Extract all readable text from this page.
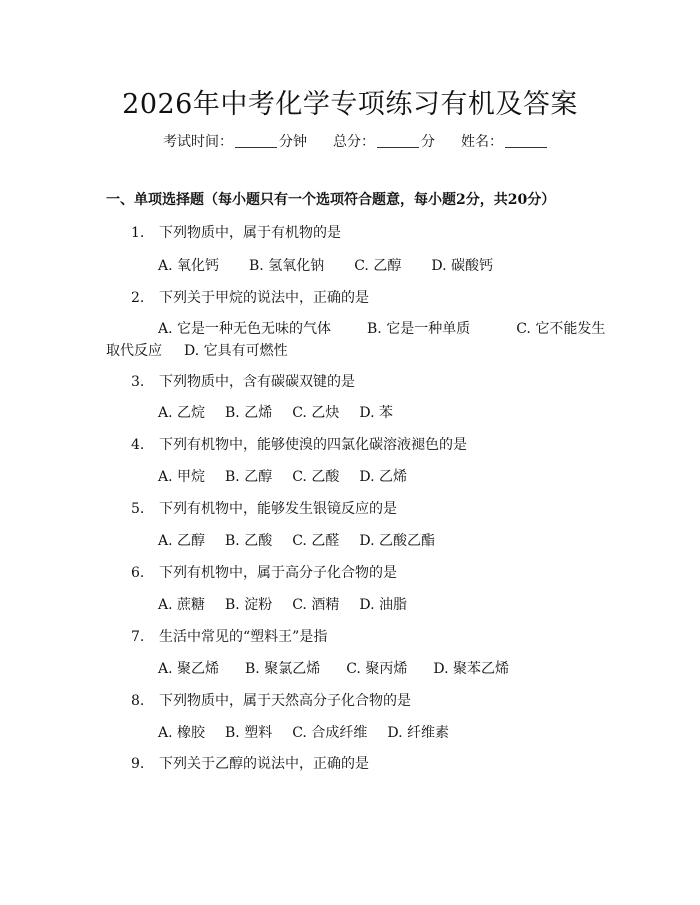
2026年中考化学专项练习有机及答案
考试时间：	分钟 总分：	分 姓名：
一、单项选择题（每小题只有一个选项符合题意，每小题2分，共20分）
1. 下列物质中，属于有机物的是
A. 氧化钙 B. 氢氧化钠 C. 乙醇 D. 碳酸钙
2. 下列关于甲烷的说法中，正确的是
A. 它是一种无色无味的气体	B. 它是一种单质	C. 它不能发生
取代反应 D. 它具有可燃性
3. 下列物质中，含有碳碳双键的是
A. 乙烷 B. 乙烯 C. 乙炔 D. 苯
4. 下列有机物中，能够使溴的四氯化碳溶液褪色的是
A. 甲烷 B. 乙醇 C. 乙酸 D. 乙烯
5. 下列有机物中，能够发生银镜反应的是
A. 乙醇 B. 乙酸 C. 乙醛 D. 乙酸乙酯
6. 下列有机物中，属于高分子化合物的是
A. 蔗糖 B. 淀粉 C. 酒精 D. 油脂
7. 生活中常见的“塑料王”是指
A. 聚乙烯 B. 聚氯乙烯 C. 聚丙烯 D. 聚苯乙烯
8. 下列物质中，属于天然高分子化合物的是
A. 橡胶 B. 塑料 C. 合成纤维 D. 纤维素
9. 下列关于乙醇的说法中，正确的是
